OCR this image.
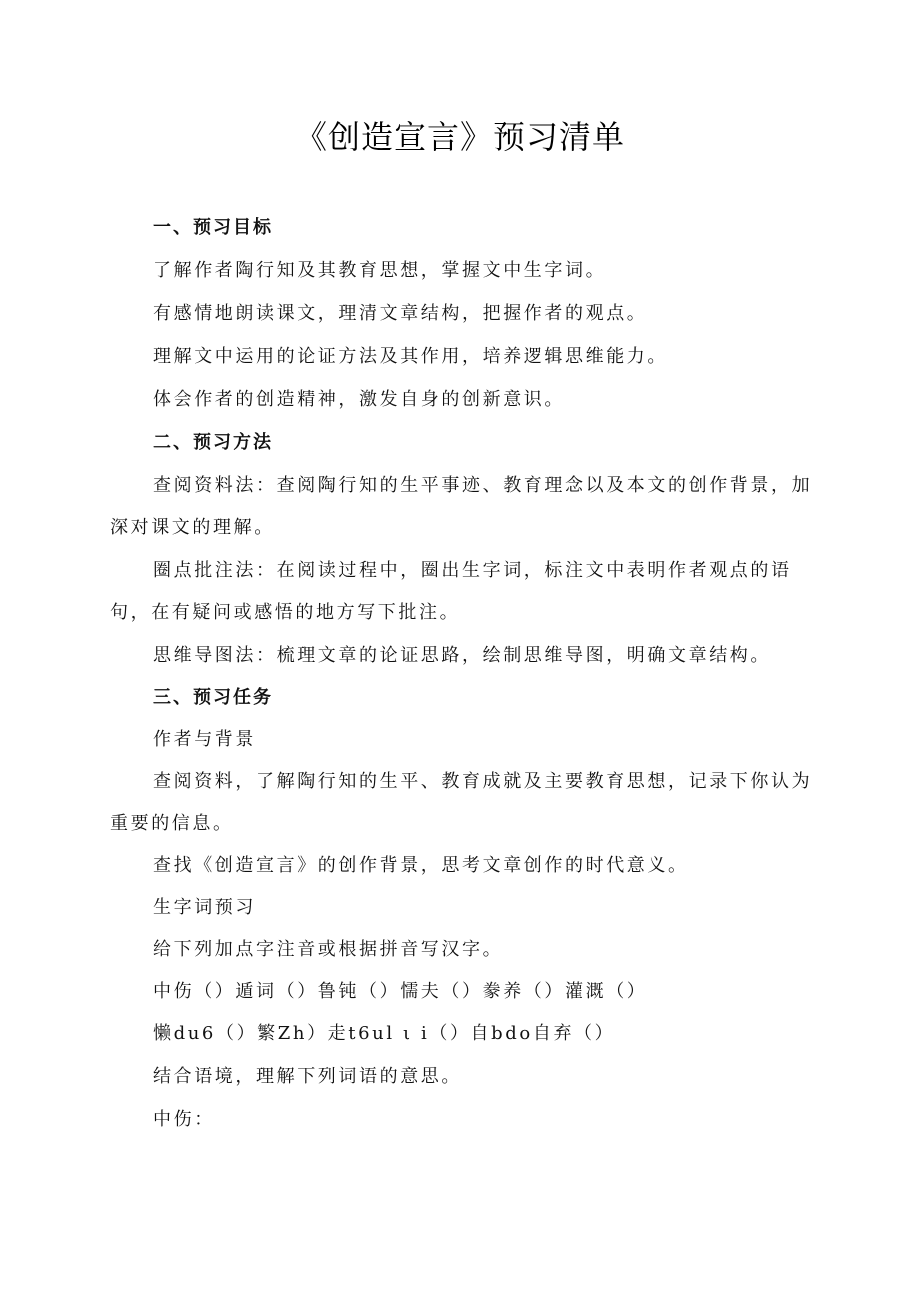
《创造宣言》预习清单
一、预习目标
了解作者陶行知及其教育思想，掌握文中生字词。
有感情地朗读课文，理清文章结构，把握作者的观点。
理解文中运用的论证方法及其作用，培养逻辑思维能力。
体会作者的创造精神，激发自身的创新意识。
二、预习方法
查阅资料法：查阅陶行知的生平事迹、教育理念以及本文的创作背景，加
深对课文的理解。
圈点批注法：在阅读过程中，圈出生字词，标注文中表明作者观点的语
句，在有疑问或感悟的地方写下批注。
思维导图法：梳理文章的论证思路，绘制思维导图，明确文章结构。
三、预习任务
作者与背景
查阅资料，了解陶行知的生平、教育成就及主要教育思想，记录下你认为
重要的信息。
查找《创造宣言》的创作背景，思考文章创作的时代意义。
生字词预习
给下列加点字注音或根据拼音写汉字。
中伤（）遁词（）鲁钝（）懦夫（）豢养（）灌溉（）
懒du6（）繁Zh）走t6ul ι i（）自bdo自弃（）
结合语境，理解下列词语的意思。
中伤：
